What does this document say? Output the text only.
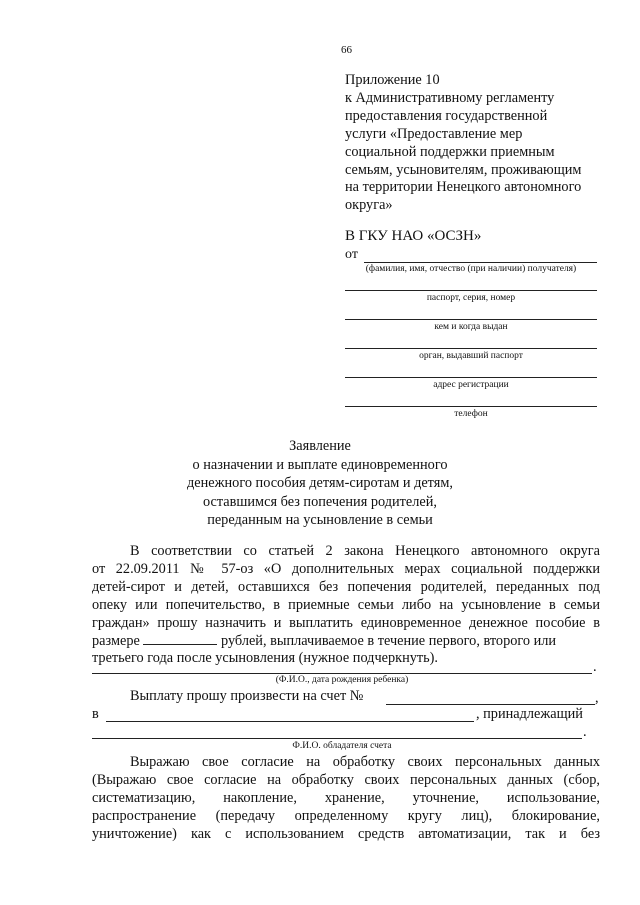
66
Приложение 10
к Административному регламенту
предоставления государственной
услуги «Предоставление мер
социальной поддержки приемным
семьям, усыновителям, проживающим
на территории Ненецкого автономного
округа»
В ГКУ НАО «ОСЗН»
от
(фамилия, имя, отчество (при наличии) получателя)
паспорт, серия, номер
кем и когда выдан
орган, выдавший паспорт
адрес регистрации
телефон
Заявление
о назначении и выплате единовременного
денежного пособия детям-сиротам и детям,
оставшимся без попечения родителей,
переданным на усыновление в семьи
В соответствии со статьей 2 закона Ненецкого автономного округа
от 22.09.2011 № 57-оз «О дополнительных мерах социальной поддержки
детей-сирот и детей, оставшихся без попечения родителей, переданных под
опеку или попечительство, в приемные семьи либо на усыновление в семьи
граждан» прошу назначить и выплатить единовременное денежное пособие в
размере	рублей, выплачиваемое в течение первого, второго или
третьего года после усыновления (нужное подчеркнуть).
.
(Ф.И.О., дата рождения ребенка)
Выплату прошу произвести на счет №	,
в	, принадлежащий
.
Ф.И.О. обладателя счета
Выражаю свое согласие на обработку своих персональных данных
(Выражаю свое согласие на обработку своих персональных данных (сбор,
систематизацию, накопление, хранение, уточнение, использование,
распространение (передачу определенному кругу лиц), блокирование,
уничтожение) как с использованием средств автоматизации, так и без
